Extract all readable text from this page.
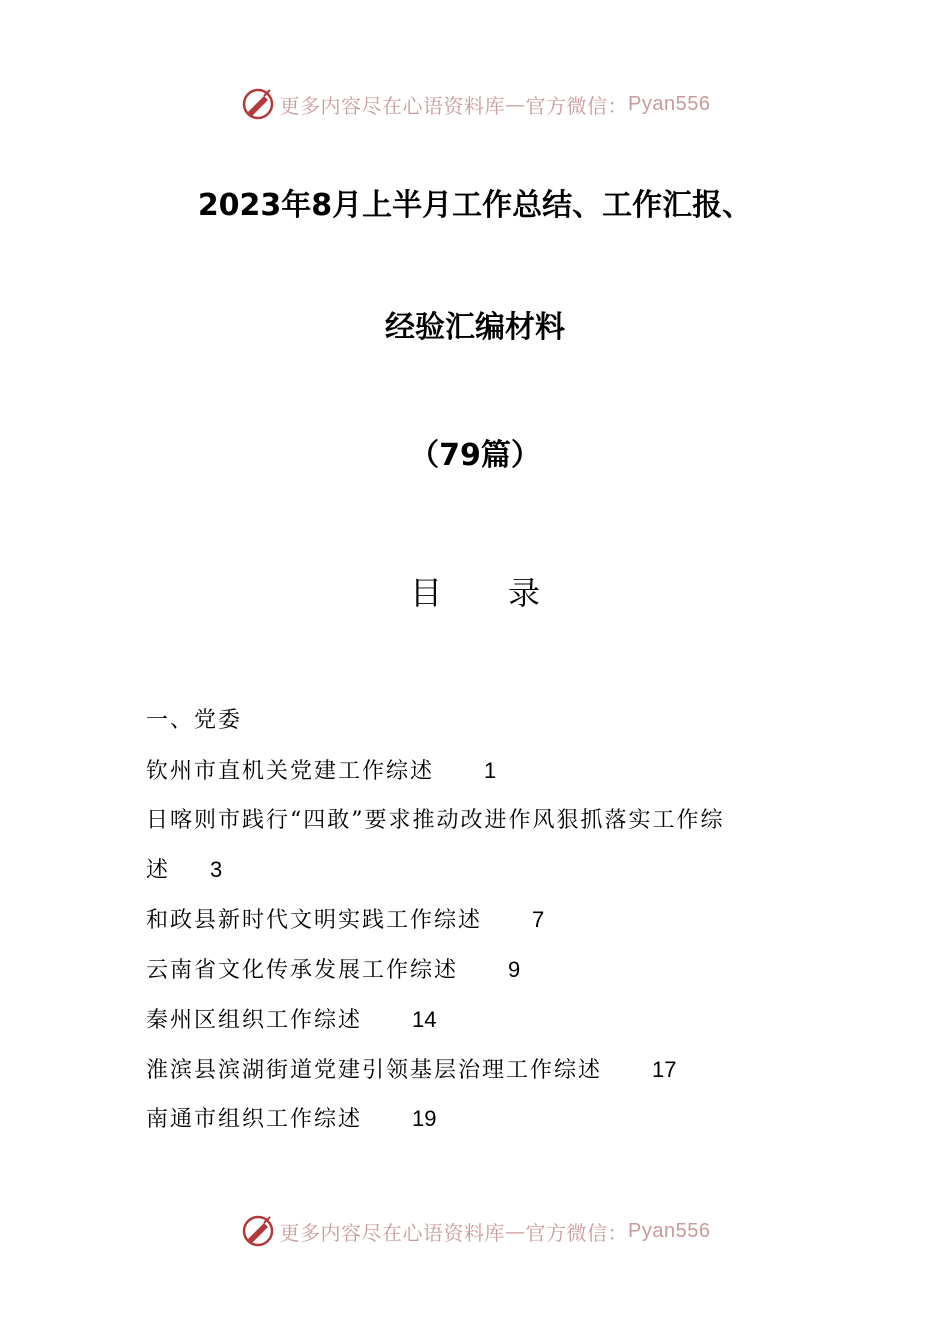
更多内容尽在心语资料库 — 官方微信： Pyan556
2023年8月上半月工作总结、工作汇报、
经验汇编材料
（79篇）
目 录
一、党委
钦州市直机关党建工作综述 1
日喀则市践行“四敢”要求推动改进作风狠抓落实工作综
述 3
和政县新时代文明实践工作综述 7
云南省文化传承发展工作综述 9
秦州区组织工作综述 14
淮滨县滨湖街道党建引领基层治理工作综述 17
南通市组织工作综述 19
更多内容尽在心语资料库 — 官方微信： Pyan556
